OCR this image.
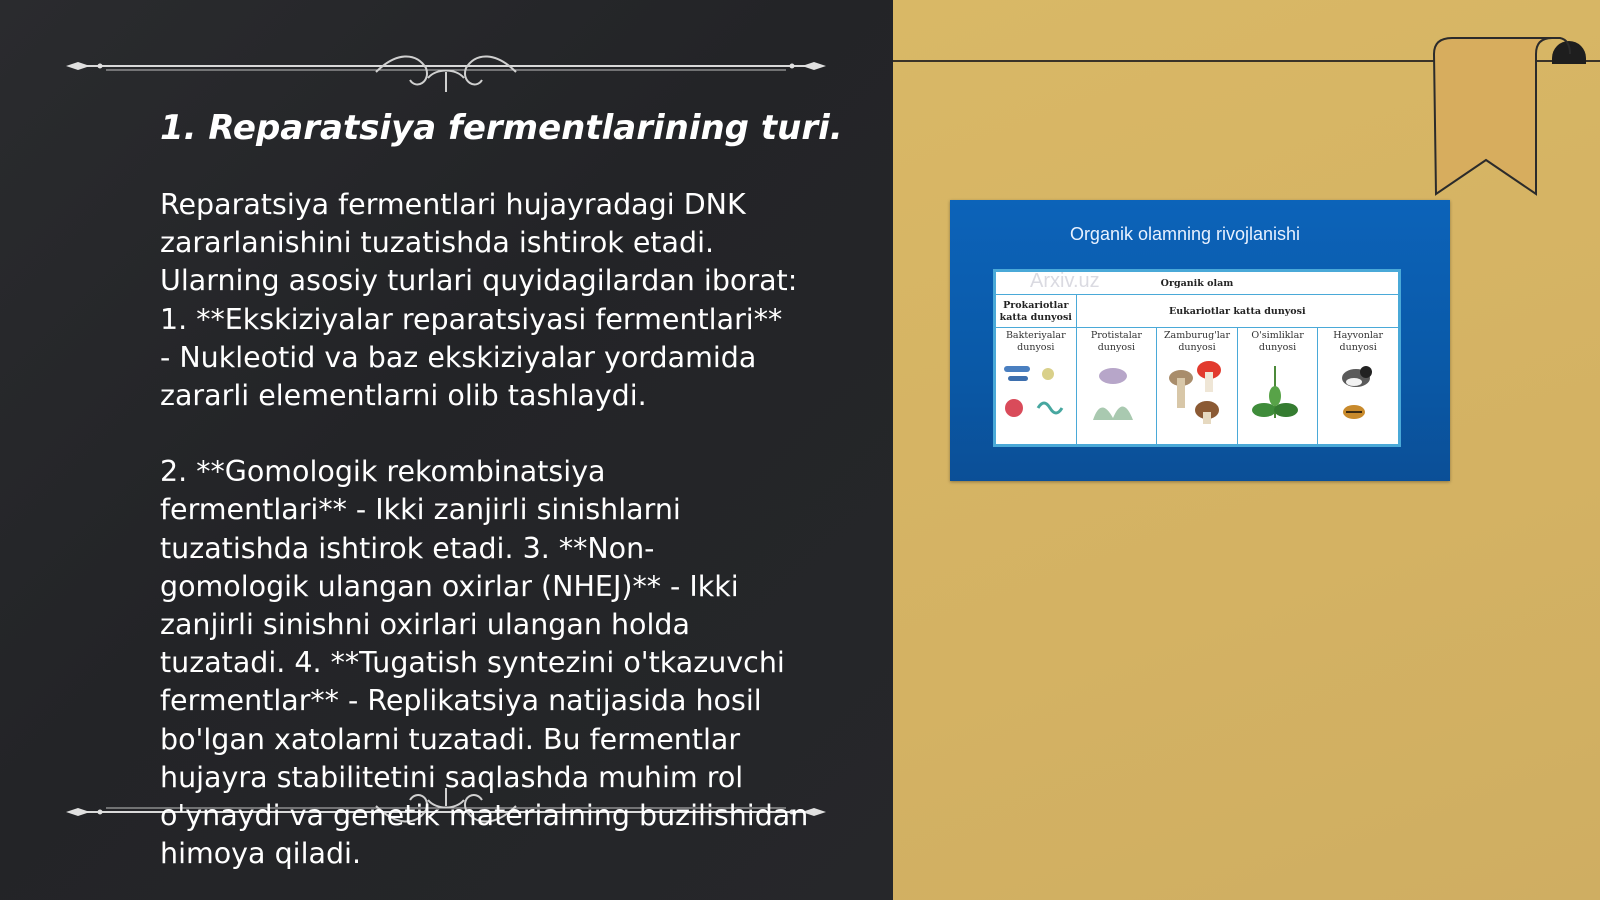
1. Reparatsiya fermentlarining turi.

Reparatsiya fermentlari hujayradagi DNK
zararlanishini tuzatishda ishtirok etadi.
Ularning asosiy turlari quyidagilardan iborat:
1. **Ekskiziyalar reparatsiyasi fermentlari**
- Nukleotid va baz ekskiziyalar yordamida
zararli elementlarni olib tashlaydi.

2. **Gomologik rekombinatsiya
fermentlari** - Ikki zanjirli sinishlarni
tuzatishda ishtirok etadi. 3. **Non-
gomologik ulangan oxirlar (NHEJ)** - Ikki
zanjirli sinishni oxirlari ulangan holda
tuzatadi. 4. **Tugatish syntezini o'tkazuvchi
fermentlar** - Replikatsiya natijasida hosil
bo'lgan xatolarni tuzatadi. Bu fermentlar
hujayra stabilitetini saqlashda muhim rol
o'ynaydi va genetik materialning buzilishidan
himoya qiladi.

Organik olamning rivojlanishi
Organik olam				
Prokariotlar katta dunyosi	Eukariotlar katta dunyosi			

Bakteriyalar dunyosi	Protistalar dunyosi	Zamburug'lar dunyosi	O'simliklar dunyosi	Hayvonlar dunyosi
Arxiv.uz
